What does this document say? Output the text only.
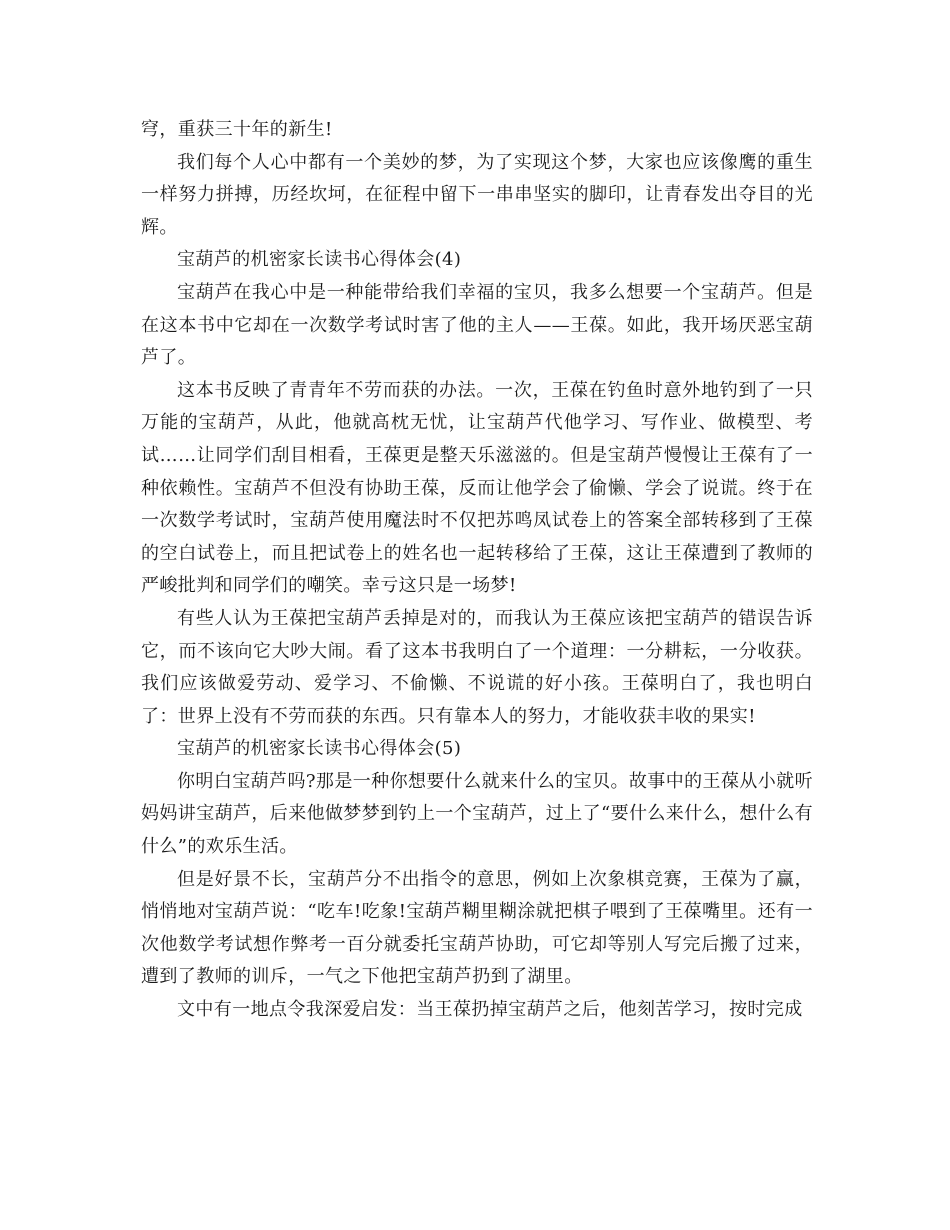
穹，重获三十年的新生!

我们每个人心中都有一个美妙的梦，为了实现这个梦，大家也应该像鹰的重生一样努力拼搏，历经坎坷，在征程中留下一串串坚实的脚印，让青春发出夺目的光辉。

宝葫芦的机密家长读书心得体会(4)

宝葫芦在我心中是一种能带给我们幸福的宝贝，我多么想要一个宝葫芦。但是在这本书中它却在一次数学考试时害了他的主人——王葆。如此，我开场厌恶宝葫芦了。

这本书反映了青青年不劳而获的办法。一次，王葆在钓鱼时意外地钓到了一只万能的宝葫芦，从此，他就高枕无忧，让宝葫芦代他学习、写作业、做模型、考试……让同学们刮目相看，王葆更是整天乐滋滋的。但是宝葫芦慢慢让王葆有了一种依赖性。宝葫芦不但没有协助王葆，反而让他学会了偷懒、学会了说谎。终于在一次数学考试时，宝葫芦使用魔法时不仅把苏鸣凤试卷上的答案全部转移到了王葆的空白试卷上，而且把试卷上的姓名也一起转移给了王葆，这让王葆遭到了教师的严峻批判和同学们的嘲笑。幸亏这只是一场梦!

有些人认为王葆把宝葫芦丢掉是对的，而我认为王葆应该把宝葫芦的错误告诉它，而不该向它大吵大闹。看了这本书我明白了一个道理：一分耕耘，一分收获。我们应该做爱劳动、爱学习、不偷懒、不说谎的好小孩。王葆明白了，我也明白了：世界上没有不劳而获的东西。只有靠本人的努力，才能收获丰收的果实!

宝葫芦的机密家长读书心得体会(5)

你明白宝葫芦吗?那是一种你想要什么就来什么的宝贝。故事中的王葆从小就听妈妈讲宝葫芦，后来他做梦梦到钓上一个宝葫芦，过上了“要什么来什么，想什么有什么”的欢乐生活。

但是好景不长，宝葫芦分不出指令的意思，例如上次象棋竞赛，王葆为了赢，悄悄地对宝葫芦说：“吃车!吃象!宝葫芦糊里糊涂就把棋子喂到了王葆嘴里。还有一次他数学考试想作弊考一百分就委托宝葫芦协助，可它却等别人写完后搬了过来，遭到了教师的训斥，一气之下他把宝葫芦扔到了湖里。

文中有一地点令我深爱启发：当王葆扔掉宝葫芦之后，他刻苦学习，按时完成
